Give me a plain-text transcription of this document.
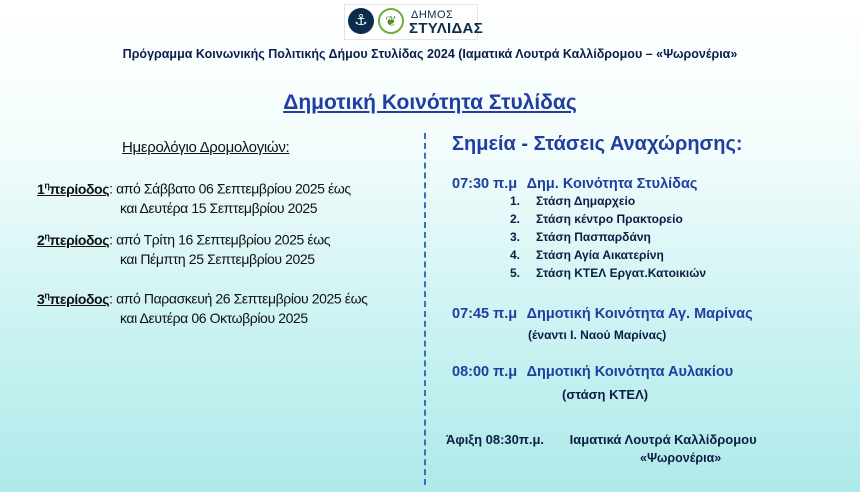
⚓	❦	ΔΗΜΟΣ
ΣΤΥΛΙΔΑΣ
Πρόγραμμα Κοινωνικής Πολιτικής Δήμου Στυλίδας 2024 (Ιαματικά Λουτρά Καλλίδρομου – «Ψωρονέρια»
Δημοτική Κοινότητα Στυλίδας
Ημερολόγιο Δρομολογιών:
$1^\eta\pi\varepsilon\rho ίo\delta o\varsigma$: από Σάββατο 06 Σεπτεμβρίου 2025 έως
και Δευτέρα 15 Σεπτεμβρίου 2025
$2^\eta\pi\varepsilon\rho ίo\delta o\varsigma$: από Τρίτη 16 Σεπτεμβρίου 2025 έως
και Πέμπτη 25 Σεπτεμβρίου 2025
$3^\eta\pi\varepsilon\rho ίo\delta o\varsigma$: από Παρασκευή 26 Σεπτεμβρίου 2025 έως
και Δευτέρα 06 Οκτωβρίου 2025
Σημεία - Στάσεις Αναχώρησης:
07:30 π.μ Δημ. Κοινότητα Στυλίδας
1. Στάση Δημαρχείο
2. Στάση κέντρο Πρακτορείο
3. Στάση Πασπαρδάνη
4. Στάση Αγία Αικατερίνη
5. Στάση ΚΤΕΛ Εργατ.Κατοικιών
07:45 π.μ Δημοτική Κοινότητα Αγ. Μαρίνας
(έναντι Ι. Ναού Μαρίνας)
08:00 π.μ Δημοτική Κοινότητα Αυλακίου
(στάση ΚΤΕΛ)
Άφιξη 08:30π.μ. Ιαματικά Λουτρά Καλλίδρομου
«Ψωρονέρια»
